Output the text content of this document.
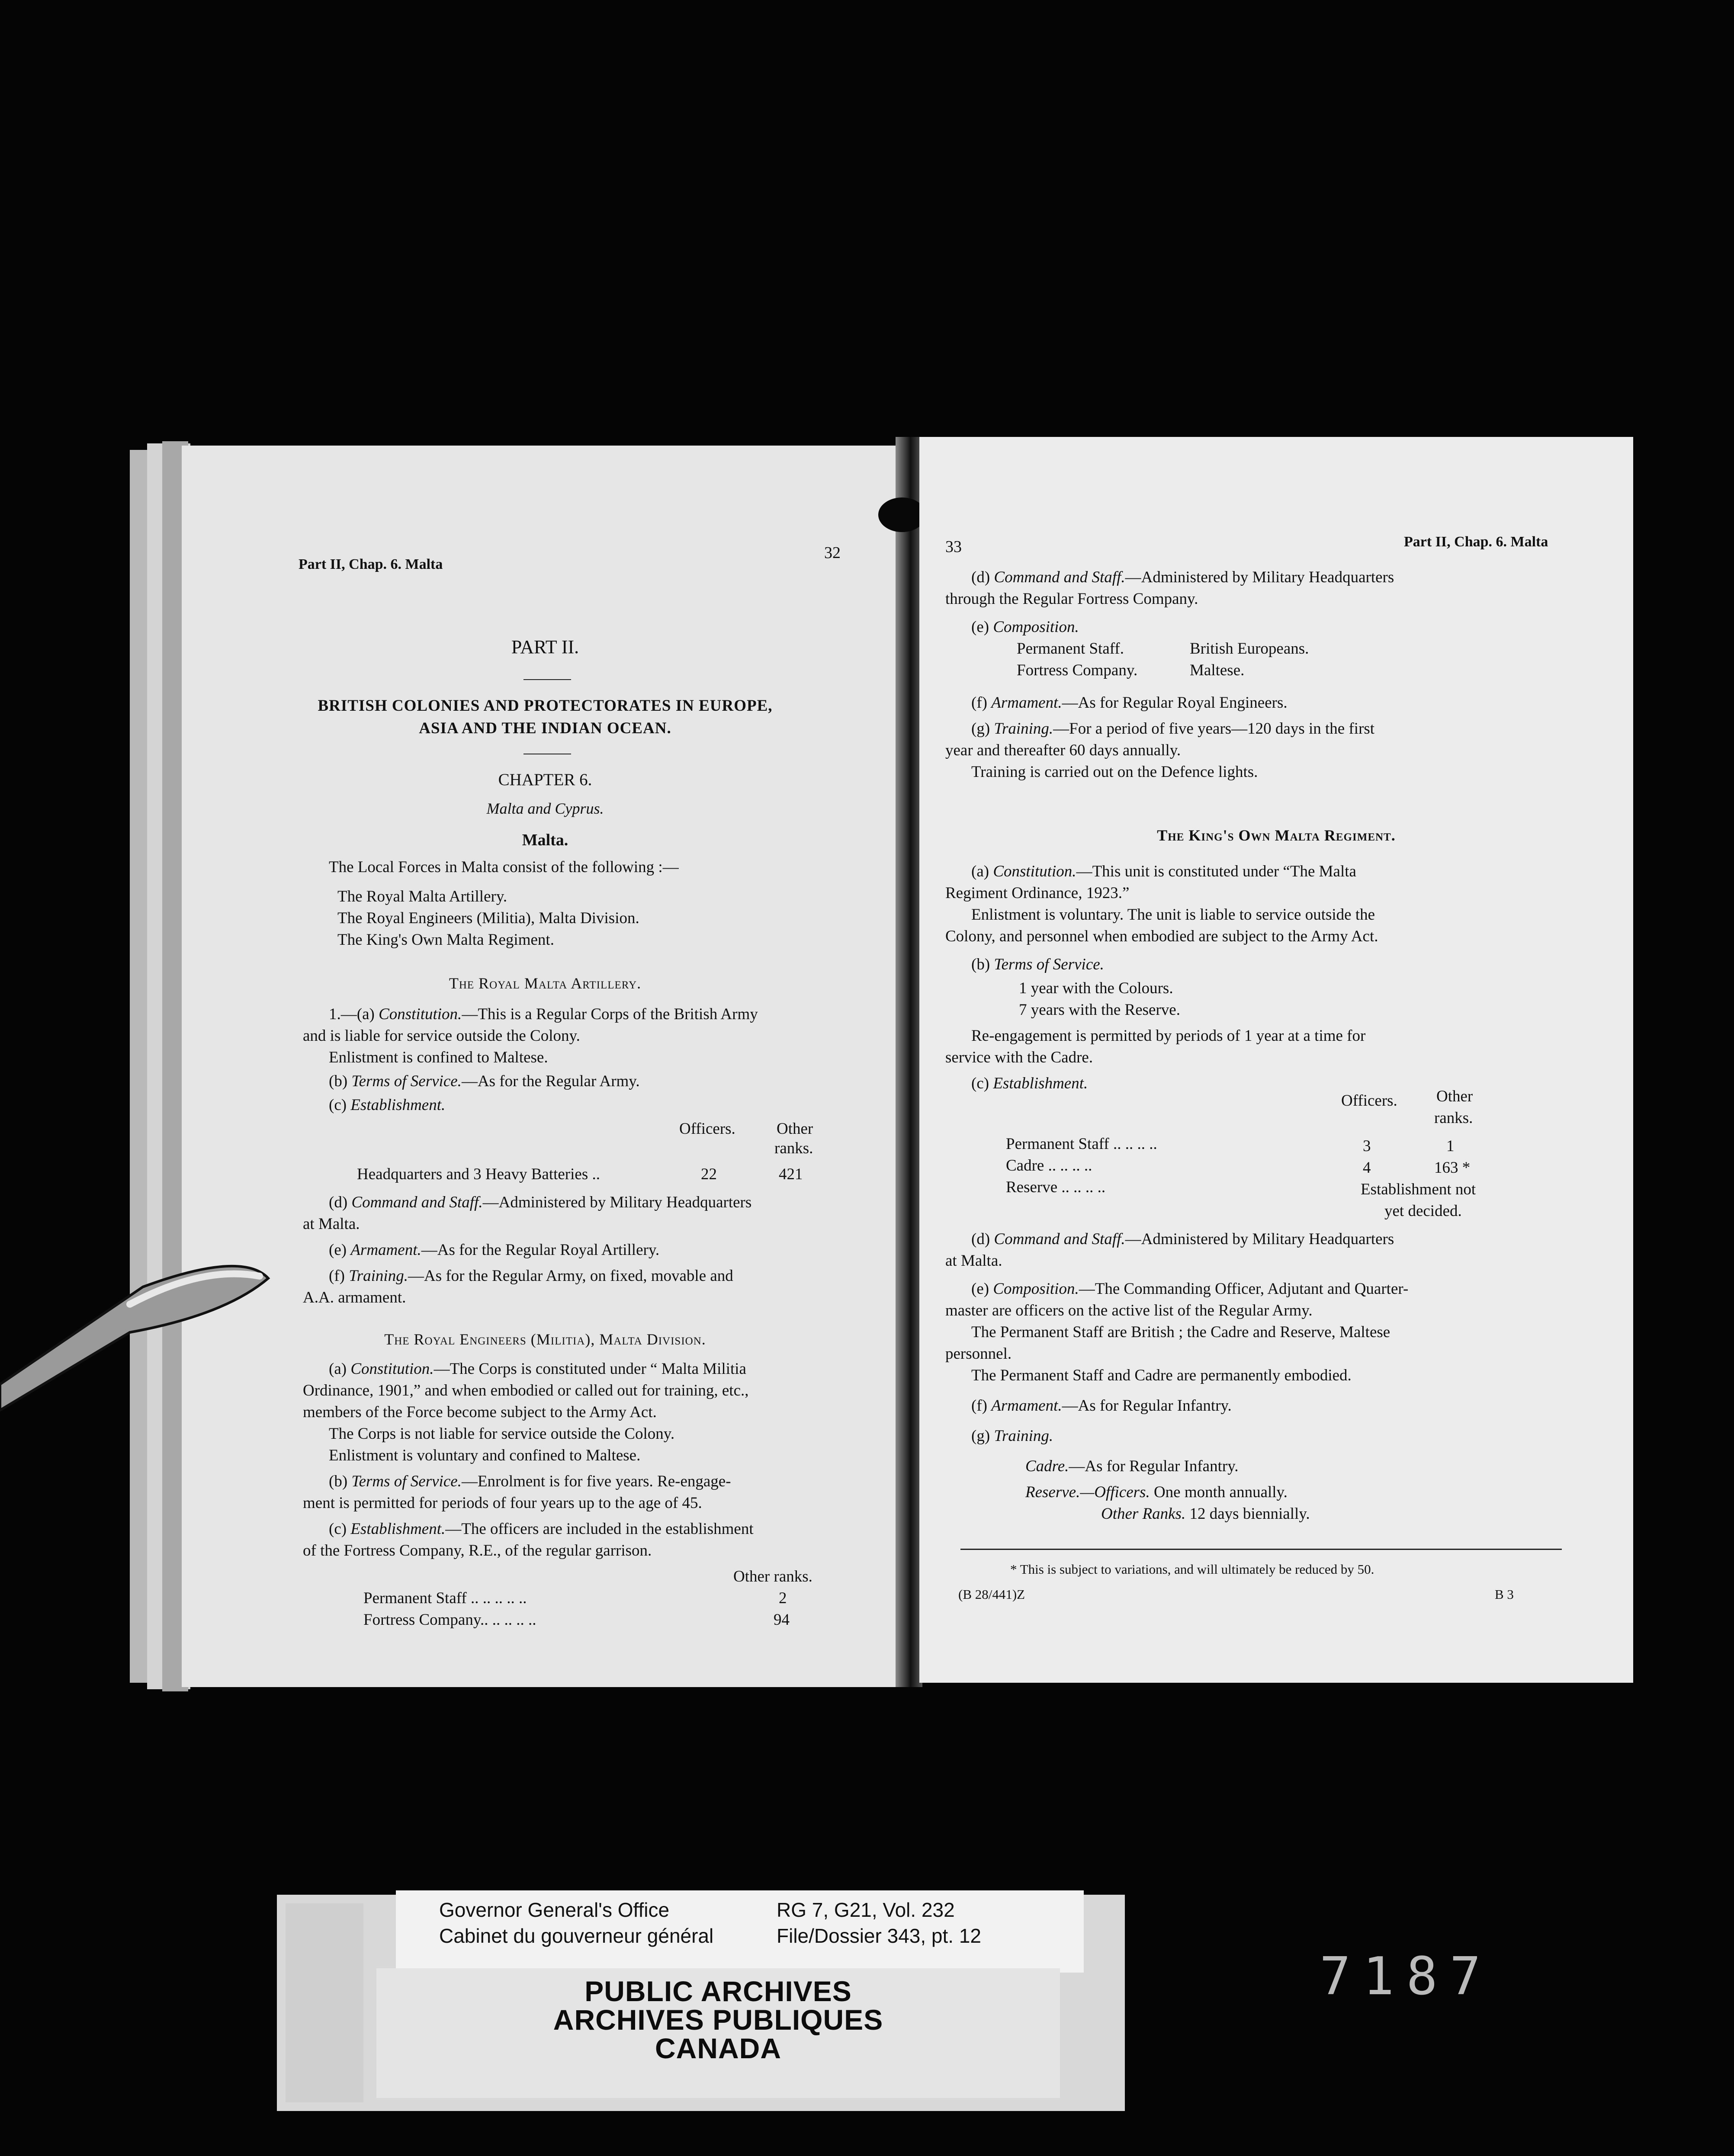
Part II, Chap. 6. Malta
32
PART II.
BRITISH COLONIES AND PROTECTORATES IN EUROPE,
ASIA AND THE INDIAN OCEAN.
CHAPTER 6.
Malta and Cyprus.
Malta.
The Local Forces in Malta consist of the following :—
The Royal Malta Artillery.
The Royal Engineers (Militia), Malta Division.
The King's Own Malta Regiment.
The Royal Malta Artillery.
1.—(a) Constitution.—This is a Regular Corps of the British Army
and is liable for service outside the Colony.
Enlistment is confined to Maltese.
(b) Terms of Service.—As for the Regular Army.
(c) Establishment.
Officers.	Other
ranks.
Headquarters and 3 Heavy Batteries ..	22	421
(d) Command and Staff.—Administered by Military Headquarters
at Malta.
(e) Armament.—As for the Regular Royal Artillery.
(f) Training.—As for the Regular Army, on fixed, movable and
A.A. armament.
The Royal Engineers (Militia), Malta Division.
(a) Constitution.—The Corps is constituted under “ Malta Militia
Ordinance, 1901,” and when embodied or called out for training, etc.,
members of the Force become subject to the Army Act.
The Corps is not liable for service outside the Colony.
Enlistment is voluntary and confined to Maltese.
(b) Terms of Service.—Enrolment is for five years. Re-engage-
ment is permitted for periods of four years up to the age of 45.
(c) Establishment.—The officers are included in the establishment
of the Fortress Company, R.E., of the regular garrison.
Other ranks.
Permanent Staff .. .. .. .. ..	2
Fortress Company.. .. .. .. ..	94
33	Part II, Chap. 6. Malta
(d) Command and Staff.—Administered by Military Headquarters
through the Regular Fortress Company.
(e) Composition.
Permanent Staff.	British Europeans.
Fortress Company.	Maltese.
(f) Armament.—As for Regular Royal Engineers.
(g) Training.—For a period of five years—120 days in the first
year and thereafter 60 days annually.
Training is carried out on the Defence lights.
The King's Own Malta Regiment.
(a) Constitution.—This unit is constituted under “The Malta
Regiment Ordinance, 1923.”
Enlistment is voluntary. The unit is liable to service outside the
Colony, and personnel when embodied are subject to the Army Act.
(b) Terms of Service.
1 year with the Colours.
7 years with the Reserve.
Re-engagement is permitted by periods of 1 year at a time for
service with the Cadre.
(c) Establishment.
Officers. Other
ranks.
Permanent Staff .. .. .. ..	3	1
Cadre .. .. .. ..	4	163 *
Reserve .. .. .. ..	Establishment not
yet decided.
(d) Command and Staff.—Administered by Military Headquarters
at Malta.
(e) Composition.—The Commanding Officer, Adjutant and Quarter-
master are officers on the active list of the Regular Army.
The Permanent Staff are British ; the Cadre and Reserve, Maltese
personnel.
The Permanent Staff and Cadre are permanently embodied.
(f) Armament.—As for Regular Infantry.
(g) Training.
Cadre.—As for Regular Infantry.
Reserve.—Officers. One month annually.
Other Ranks. 12 days biennially.
* This is subject to variations, and will ultimately be reduced by 50.
(B 28/441)Z	B 3
Governor General's Office
Cabinet du gouverneur général
RG 7, G21, Vol. 232
File/Dossier 343, pt. 12
PUBLIC ARCHIVES
ARCHIVES PUBLIQUES
CANADA
7187
